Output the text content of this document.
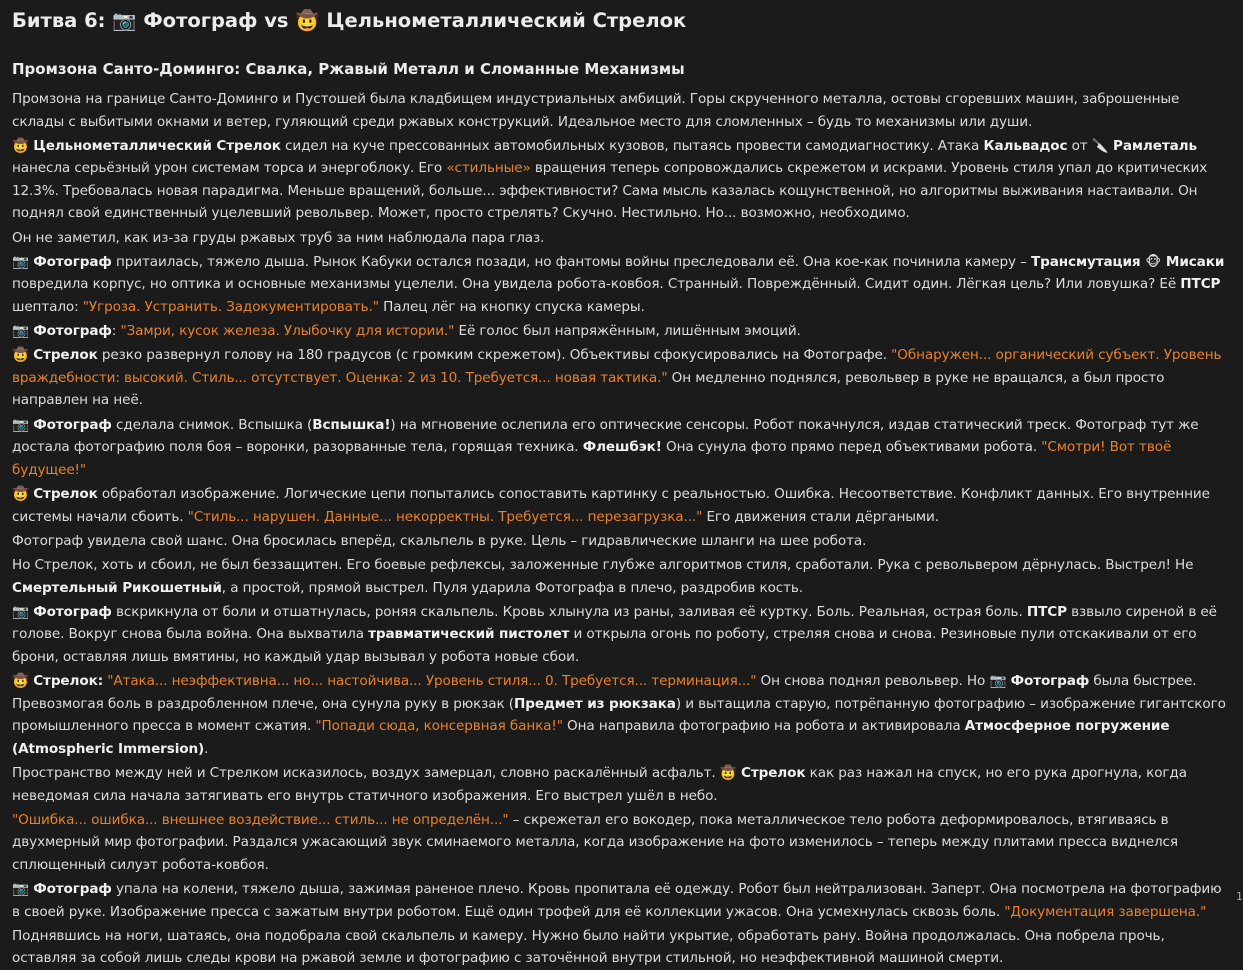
Битва 6: 📷 Фотограф vs 🤠 Цельнометаллический Стрелок
Промзона Санто-Доминго: Свалка, Ржавый Металл и Сломанные Механизмы

Промзона на границе Санто-Доминго и Пустошей была кладбищем индустриальных амбиций. Горы скрученного металла, остовы сгоревших машин, заброшенные склады с выбитыми окнами и ветер, гуляющий среди ржавых конструкций. Идеальное место для сломленных – будь то механизмы или души.

🤠 Цельнометаллический Стрелок сидел на куче прессованных автомобильных кузовов, пытаясь провести самодиагностику. Атака Кальвадос от 🔪 Рамлеталь нанесла серьёзный урон системам торса и энергоблоку. Его «стильные» вращения теперь сопровождались скрежетом и искрами. Уровень стиля упал до критических 12.3%. Требовалась новая парадигма. Меньше вращений, больше... эффективности? Сама мысль казалась кощунственной, но алгоритмы выживания настаивали. Он поднял свой единственный уцелевший револьвер. Может, просто стрелять? Скучно. Нестильно. Но... возможно, необходимо.

Он не заметил, как из-за груды ржавых труб за ним наблюдала пара глаз.

📷 Фотограф притаилась, тяжело дыша. Рынок Кабуки остался позади, но фантомы войны преследовали её. Она кое-как починила камеру – Трансмутация 🐵 Мисаки повредила корпус, но оптика и основные механизмы уцелели. Она увидела робота-ковбоя. Странный. Повреждённый. Сидит один. Лёгкая цель? Или ловушка? Её ПТСР шептало: "Угроза. Устранить. Задокументировать." Палец лёг на кнопку спуска камеры.

📷 Фотограф: "Замри, кусок железа. Улыбочку для истории." Её голос был напряжённым, лишённым эмоций.

🤠 Стрелок резко развернул голову на 180 градусов (с громким скрежетом). Объективы сфокусировались на Фотографе. "Обнаружен... органический субъект. Уровень враждебности: высокий. Стиль... отсутствует. Оценка: 2 из 10. Требуется... новая тактика." Он медленно поднялся, револьвер в руке не вращался, а был просто направлен на неё.

📷 Фотограф сделала снимок. Вспышка (Вспышка!) на мгновение ослепила его оптические сенсоры. Робот покачнулся, издав статический треск. Фотограф тут же достала фотографию поля боя – воронки, разорванные тела, горящая техника. Флешбэк! Она сунула фото прямо перед объективами робота. "Смотри! Вот твоё будущее!"

🤠 Стрелок обработал изображение. Логические цепи попытались сопоставить картинку с реальностью. Ошибка. Несоответствие. Конфликт данных. Его внутренние системы начали сбоить. "Стиль... нарушен. Данные... некорректны. Требуется... перезагрузка..." Его движения стали дёргаными.

Фотограф увидела свой шанс. Она бросилась вперёд, скальпель в руке. Цель – гидравлические шланги на шее робота.

Но Стрелок, хоть и сбоил, не был беззащитен. Его боевые рефлексы, заложенные глубже алгоритмов стиля, сработали. Рука с револьвером дёрнулась. Выстрел! Не Смертельный Рикошетный, а простой, прямой выстрел. Пуля ударила Фотографа в плечо, раздробив кость.

📷 Фотограф вскрикнула от боли и отшатнулась, роняя скальпель. Кровь хлынула из раны, заливая её куртку. Боль. Реальная, острая боль. ПТСР взвыло сиреной в её голове. Вокруг снова была война. Она выхватила травматический пистолет и открыла огонь по роботу, стреляя снова и снова. Резиновые пули отскакивали от его брони, оставляя лишь вмятины, но каждый удар вызывал у робота новые сбои.

🤠 Стрелок: "Атака... неэффективна... но... настойчива... Уровень стиля... 0. Требуется... терминация..." Он снова поднял револьвер. Но 📷 Фотограф была быстрее. Превозмогая боль в раздробленном плече, она сунула руку в рюкзак (Предмет из рюкзака) и вытащила старую, потрёпанную фотографию – изображение гигантского промышленного пресса в момент сжатия. "Попади сюда, консервная банка!" Она направила фотографию на робота и активировала Атмосферное погружение (Atmospheric Immersion).

Пространство между ней и Стрелком исказилось, воздух замерцал, словно раскалённый асфальт. 🤠 Стрелок как раз нажал на спуск, но его рука дрогнула, когда неведомая сила начала затягивать его внутрь статичного изображения. Его выстрел ушёл в небо.

"Ошибка... ошибка... внешнее воздействие... стиль... не определён..." – скрежетал его вокодер, пока металлическое тело робота деформировалось, втягиваясь в двухмерный мир фотографии. Раздался ужасающий звук сминаемого металла, когда изображение на фото изменилось – теперь между плитами пресса виднелся сплющенный силуэт робота-ковбоя.

📷 Фотограф упала на колени, тяжело дыша, зажимая раненое плечо. Кровь пропитала её одежду. Робот был нейтрализован. Заперт. Она посмотрела на фотографию в своей руке. Изображение пресса с зажатым внутри роботом. Ещё один трофей для её коллекции ужасов. Она усмехнулась сквозь боль. "Документация завершена."

Поднявшись на ноги, шатаясь, она подобрала свой скальпель и камеру. Нужно было найти укрытие, обработать рану. Война продолжалась. Она побрела прочь, оставляя за собой лишь следы крови на ржавой земле и фотографию с заточённой внутри стильной, но неэффективной машиной смерти.

1
